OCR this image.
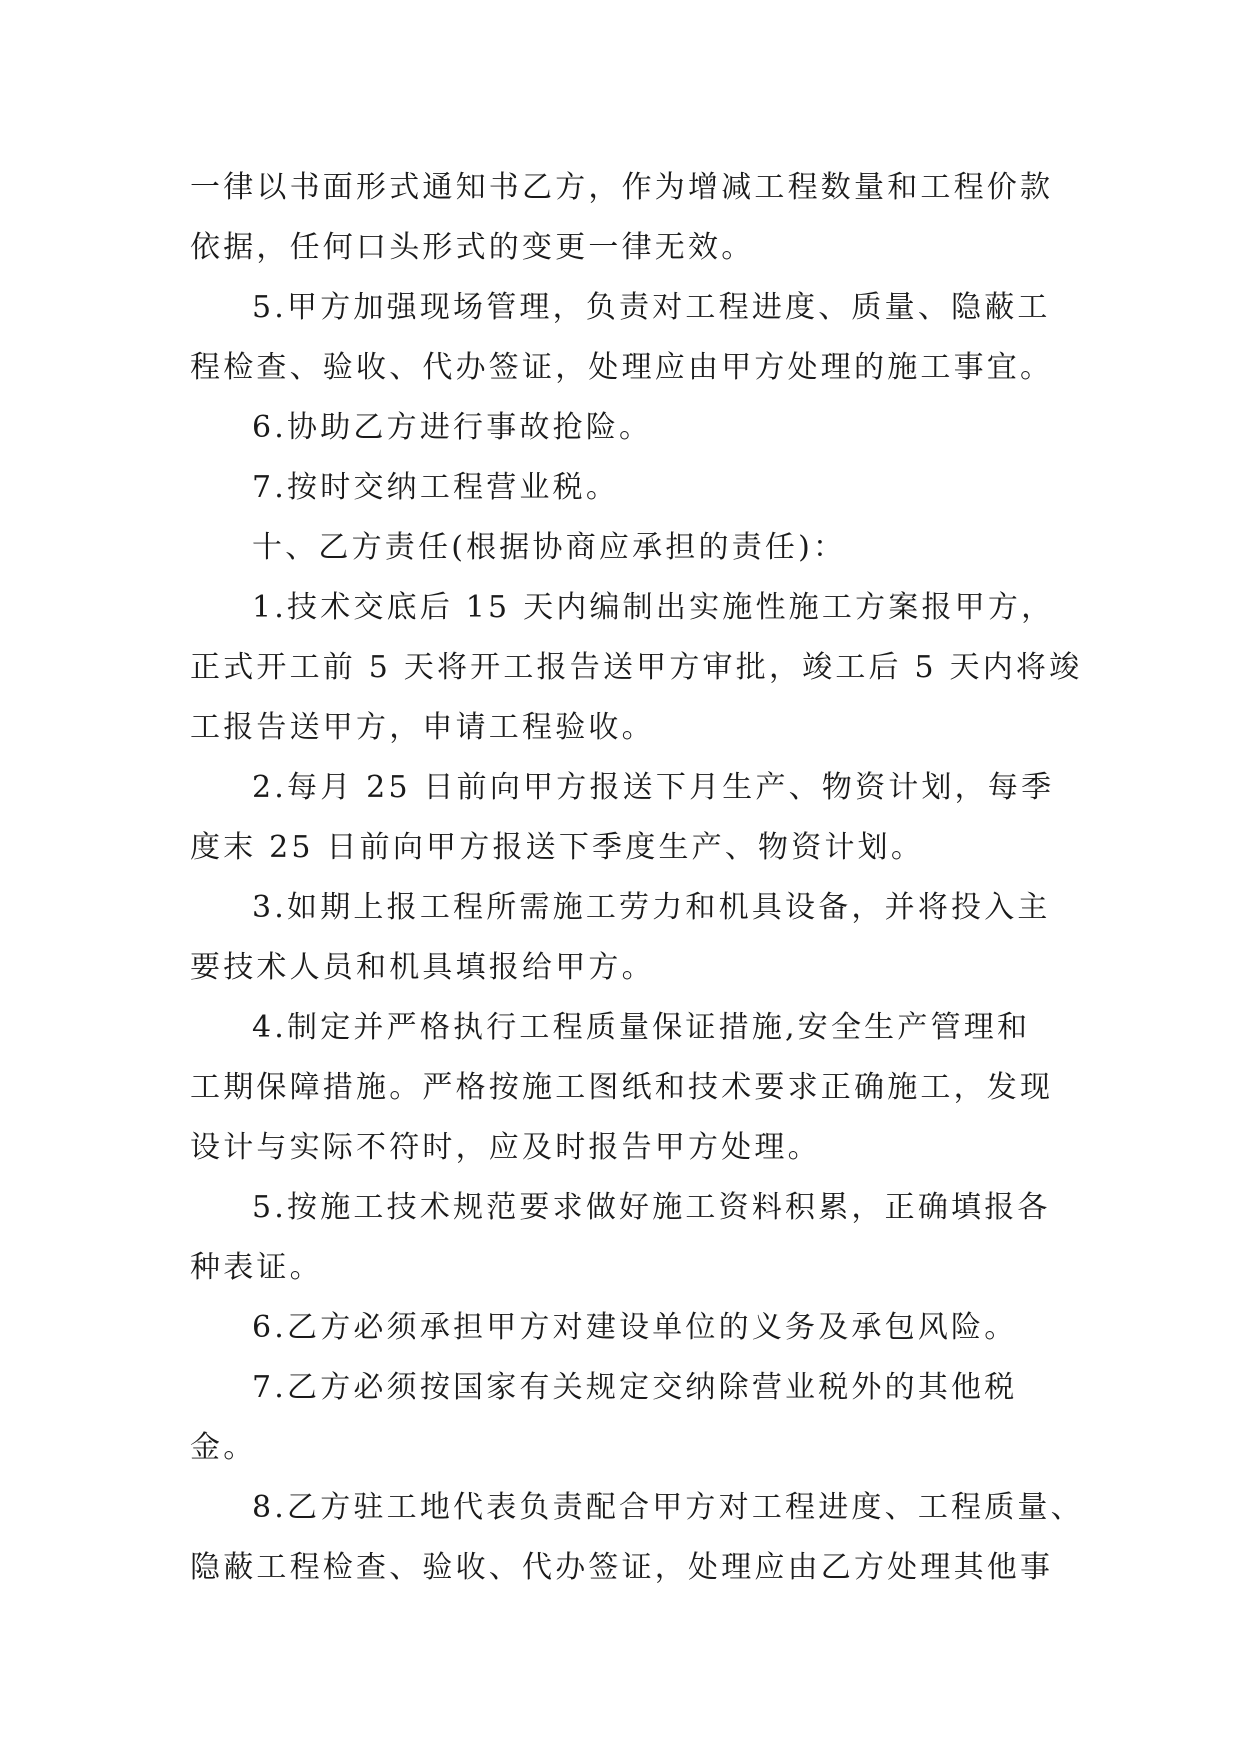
一律以书面形式通知书乙方，作为增减工程数量和工程价款
依据，任何口头形式的变更一律无效。
5.甲方加强现场管理，负责对工程进度、质量、隐蔽工
程检查、验收、代办签证，处理应由甲方处理的施工事宜。
6.协助乙方进行事故抢险。
7.按时交纳工程营业税。
十、乙方责任(根据协商应承担的责任)：
1.技术交底后 15 天内编制出实施性施工方案报甲方，
正式开工前 5 天将开工报告送甲方审批，竣工后 5 天内将竣
工报告送甲方，申请工程验收。
2.每月 25 日前向甲方报送下月生产、物资计划，每季
度末 25 日前向甲方报送下季度生产、物资计划。
3.如期上报工程所需施工劳力和机具设备，并将投入主
要技术人员和机具填报给甲方。
4.制定并严格执行工程质量保证措施,安全生产管理和
工期保障措施。严格按施工图纸和技术要求正确施工，发现
设计与实际不符时，应及时报告甲方处理。
5.按施工技术规范要求做好施工资料积累，正确填报各
种表证。
6.乙方必须承担甲方对建设单位的义务及承包风险。
7.乙方必须按国家有关规定交纳除营业税外的其他税
金。
8.乙方驻工地代表负责配合甲方对工程进度、工程质量、
隐蔽工程检查、验收、代办签证，处理应由乙方处理其他事
